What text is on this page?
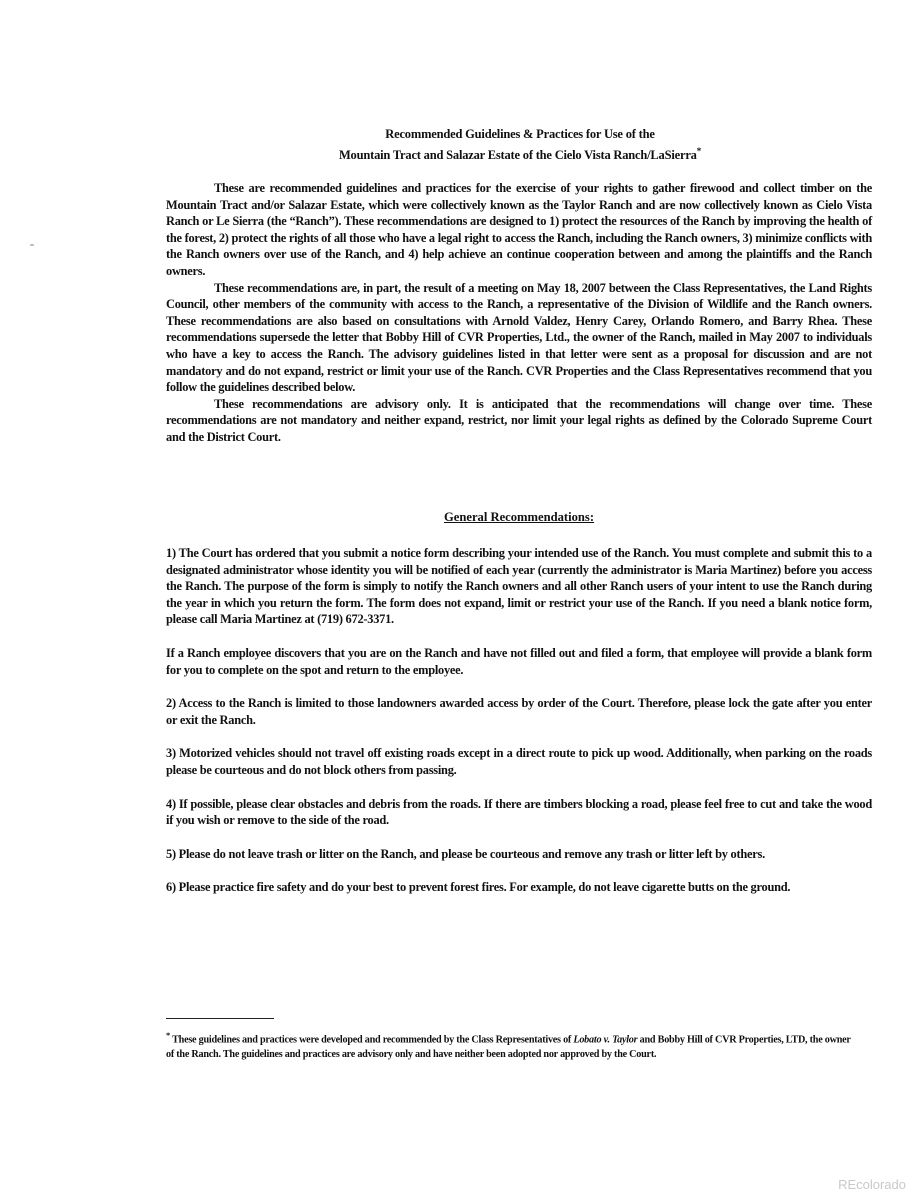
Recommended Guidelines & Practices for Use of the
Mountain Tract and Salazar Estate of the Cielo Vista Ranch/LaSierra*

These are recommended guidelines and practices for the exercise of your rights to gather firewood and collect timber on the Mountain Tract and/or Salazar Estate, which were collectively known as the Taylor Ranch and are now collectively known as Cielo Vista Ranch or Le Sierra (the “Ranch”). These recommendations are designed to 1) protect the resources of the Ranch by improving the health of the forest, 2) protect the rights of all those who have a legal right to access the Ranch, including the Ranch owners, 3) minimize conflicts with the Ranch owners over use of the Ranch, and 4) help achieve an continue cooperation between and among the plaintiffs and the Ranch owners.

These recommendations are, in part, the result of a meeting on May 18, 2007 between the Class Representatives, the Land Rights Council, other members of the community with access to the Ranch, a representative of the Division of Wildlife and the Ranch owners. These recommendations are also based on consultations with Arnold Valdez, Henry Carey, Orlando Romero, and Barry Rhea. These recommendations supersede the letter that Bobby Hill of CVR Properties, Ltd., the owner of the Ranch, mailed in May 2007 to individuals who have a key to access the Ranch. The advisory guidelines listed in that letter were sent as a proposal for discussion and are not mandatory and do not expand, restrict or limit your use of the Ranch. CVR Properties and the Class Representatives recommend that you follow the guidelines described below.

These recommendations are advisory only. It is anticipated that the recommendations will change over time. These recommendations are not mandatory and neither expand, restrict, nor limit your legal rights as defined by the Colorado Supreme Court and the District Court.

General Recommendations:

1) The Court has ordered that you submit a notice form describing your intended use of the Ranch. You must complete and submit this to a designated administrator whose identity you will be notified of each year (currently the administrator is Maria Martinez) before you access the Ranch. The purpose of the form is simply to notify the Ranch owners and all other Ranch users of your intent to use the Ranch during the year in which you return the form. The form does not expand, limit or restrict your use of the Ranch. If you need a blank notice form, please call Maria Martinez at (719) 672-3371.

If a Ranch employee discovers that you are on the Ranch and have not filled out and filed a form, that employee will provide a blank form for you to complete on the spot and return to the employee.

2) Access to the Ranch is limited to those landowners awarded access by order of the Court. Therefore, please lock the gate after you enter or exit the Ranch.

3) Motorized vehicles should not travel off existing roads except in a direct route to pick up wood. Additionally, when parking on the roads please be courteous and do not block others from passing.

4) If possible, please clear obstacles and debris from the roads. If there are timbers blocking a road, please feel free to cut and take the wood if you wish or remove to the side of the road.

5) Please do not leave trash or litter on the Ranch, and please be courteous and remove any trash or litter left by others.

6) Please practice fire safety and do your best to prevent forest fires. For example, do not leave cigarette butts on the ground.

* These guidelines and practices were developed and recommended by the Class Representatives of Lobato v. Taylor and Bobby Hill of CVR Properties, LTD, the owner of the Ranch. The guidelines and practices are advisory only and have neither been adopted nor approved by the Court.
REcolorado
